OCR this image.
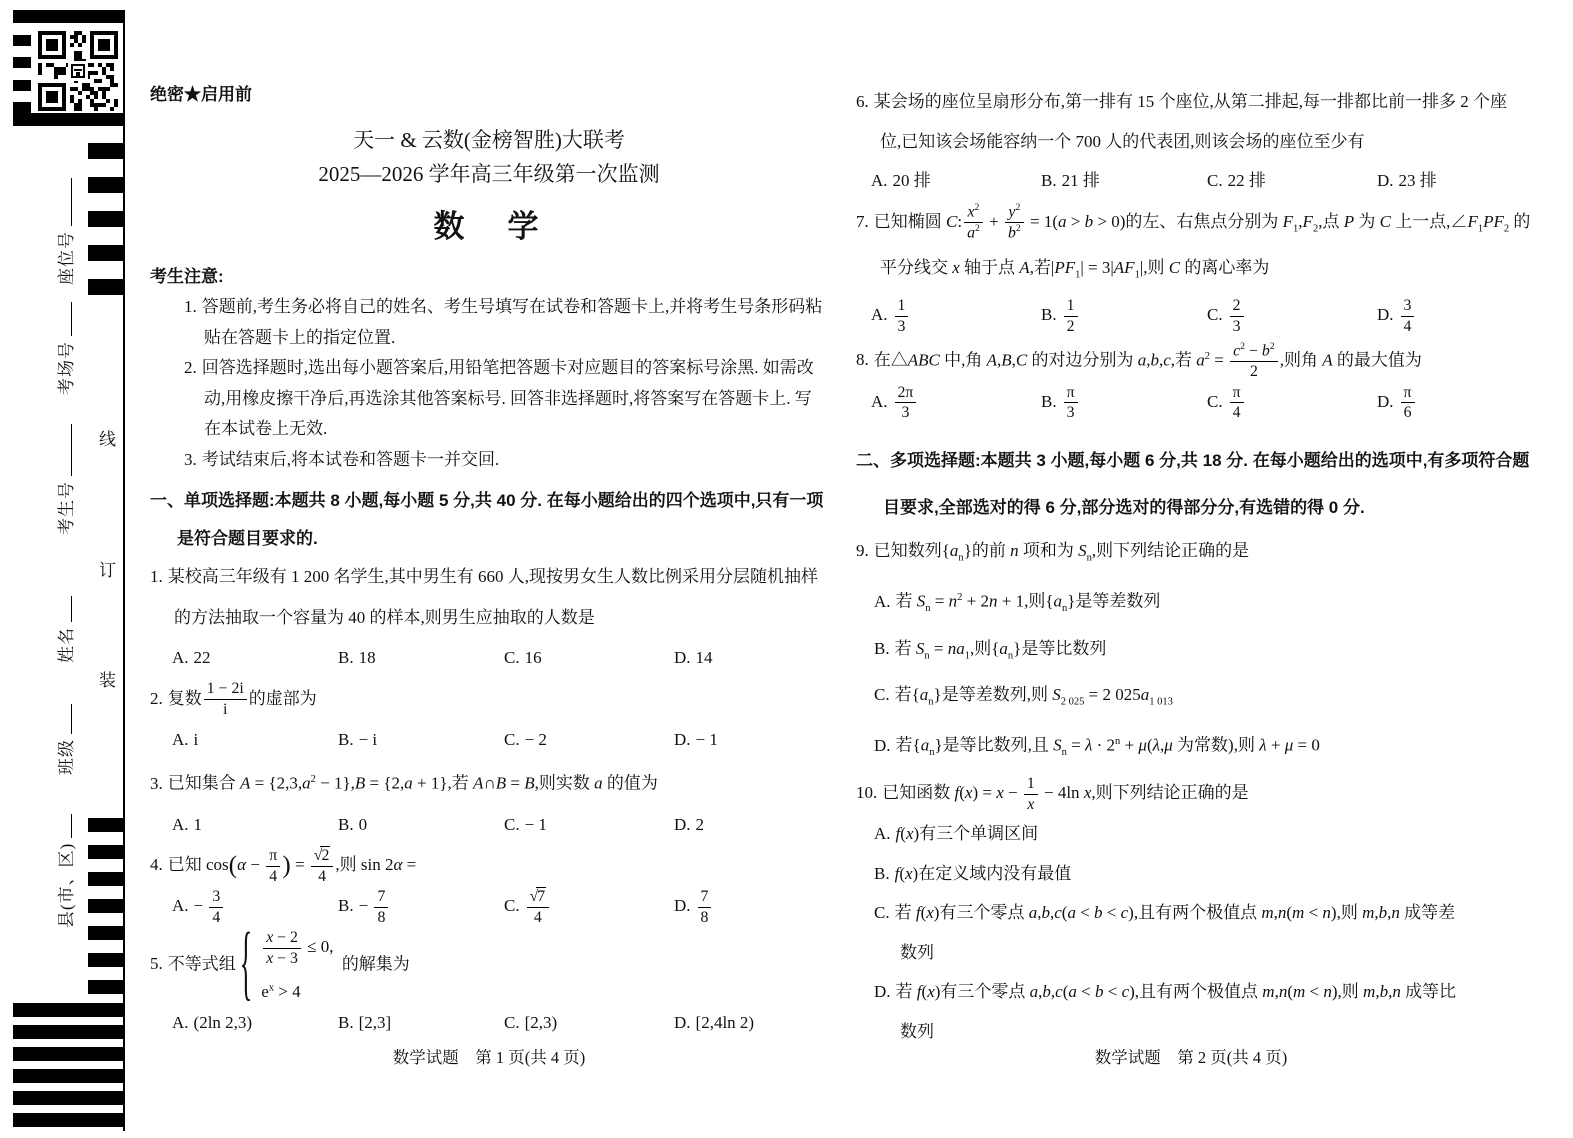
座位号
考场号
考生号
姓名
班级
县(市、区)
线
订
装
绝密★启用前
天一 & 云数(金榜智胜)大联考
2025—2026 学年高三年级第一次监测
数　学
考生注意:
1. 答题前,考生务必将自己的姓名、考生号填写在试卷和答题卡上,并将考生号条形码粘
贴在答题卡上的指定位置.
2. 回答选择题时,选出每小题答案后,用铅笔把答题卡对应题目的答案标号涂黑. 如需改
动,用橡皮擦干净后,再选涂其他答案标号. 回答非选择题时,将答案写在答题卡上. 写
在本试卷上无效.
3. 考试结束后,将本试卷和答题卡一并交回.
一、单项选择题:本题共 8 小题,每小题 5 分,共 40 分. 在每小题给出的四个选项中,只有一项
是符合题目要求的.
1. 某校高三年级有 1 200 名学生,其中男生有 660 人,现按男女生人数比例采用分层随机抽样
的方法抽取一个容量为 40 的样本,则男生应抽取的人数是
A. 22	B. 18	C. 16	D. 14
2. 复数 $\frac{1 - 2i}{i}$ 的虚部为
A. i	B. − i	C. − 2	D. − 1
3. 已知集合 $A = \{2,3,a^2 - 1\},B = \{2,a + 1\}$,若 A∩B = B,则实数 a 的值为
A. 1	B. 0	C. − 1	D. 2
4. 已知 $\cos(\alpha - \frac{\pi}{4}$ ) = $\frac{√2}{4}$ ,则 sin 2α =
A. − $\frac{3}{4}$	B. − $\frac{7}{8}$	C. $\frac{√7}{4}$	D. $\frac{7}{8}$
5. 不等式组 { $\frac{x - 2}{x - 3} \le 0$,
$e^x > 4$
的解集为
A. (2ln 2,3)	B. [2,3]	C. [2,3)	D. [2,4ln 2)
数学试题　第 1 页(共 4 页)
6. 某会场的座位呈扇形分布,第一排有 15 个座位,从第二排起,每一排都比前一排多 2 个座
位,已知该会场能容纳一个 700 人的代表团,则该会场的座位至少有
A. 20 排	B. 21 排	C. 22 排	D. 23 排
7. 已知椭圆 C: $\frac{x^2}{a^2} + \frac{y^2}{b^2} = 1(a > b > 0)$的左、右焦点分别为 $F_1,F_2$,点 P 为 C 上一点$,\angle F_1PF_2$ 的
平分线交 x 轴于点 A,若$|PF_1| = 3|AF_1|$,则 C 的离心率为
A. $\frac{1}{3}$	B. $\frac{1}{2}$	C. $\frac{2}{3}$	D. $\frac{3}{4}$
8. 在△ABC 中,角 A,B,C 的对边分别为 a,b,c,若 $a^2 = \frac{c^2 - b^2}{2}$ ,则角 A 的最大值为
A. $\frac{2\pi}{3}$	B. $\frac{\pi}{3}$	C. $\frac{\pi}{4}$	D. $\frac{\pi}{6}$
二、多项选择题:本题共 3 小题,每小题 6 分,共 18 分. 在每小题给出的选项中,有多项符合题
目要求,全部选对的得 6 分,部分选对的得部分分,有选错的得 0 分.
9. 已知数列$\{a_n\}$的前 n 项和为 $S_n$,则下列结论正确的是
A. 若 $S_n = n^2 + 2n + 1$,则$\{a_n\}$是等差数列
B. 若 $S_n = na_1$,则$\{a_n\}$是等比数列
C. 若$\{a_n\}$是等差数列,则 $S_{2 025} = 2$ $025a_{1 013}$
D. 若$\{a_n\}$是等比数列,且 $S_n = \lambda \cdot 2^n + \mu(\lambda,\mu$ 为常数),则 λ + μ = 0
10. 已知函数 $f(x) = x - \frac{1}{x} - 4\ln$ x,则下列结论正确的是
A. f(x)有三个单调区间
B. f(x)在定义域内没有最值
C. 若 f(x)有三个零点 a,b,c(a < b < c),且有两个极值点 m,n(m < n),则 m,b,n 成等差
数列
D. 若 f(x)有三个零点 a,b,c(a < b < c),且有两个极值点 m,n(m < n),则 m,b,n 成等比
数列
数学试题　第 2 页(共 4 页)
